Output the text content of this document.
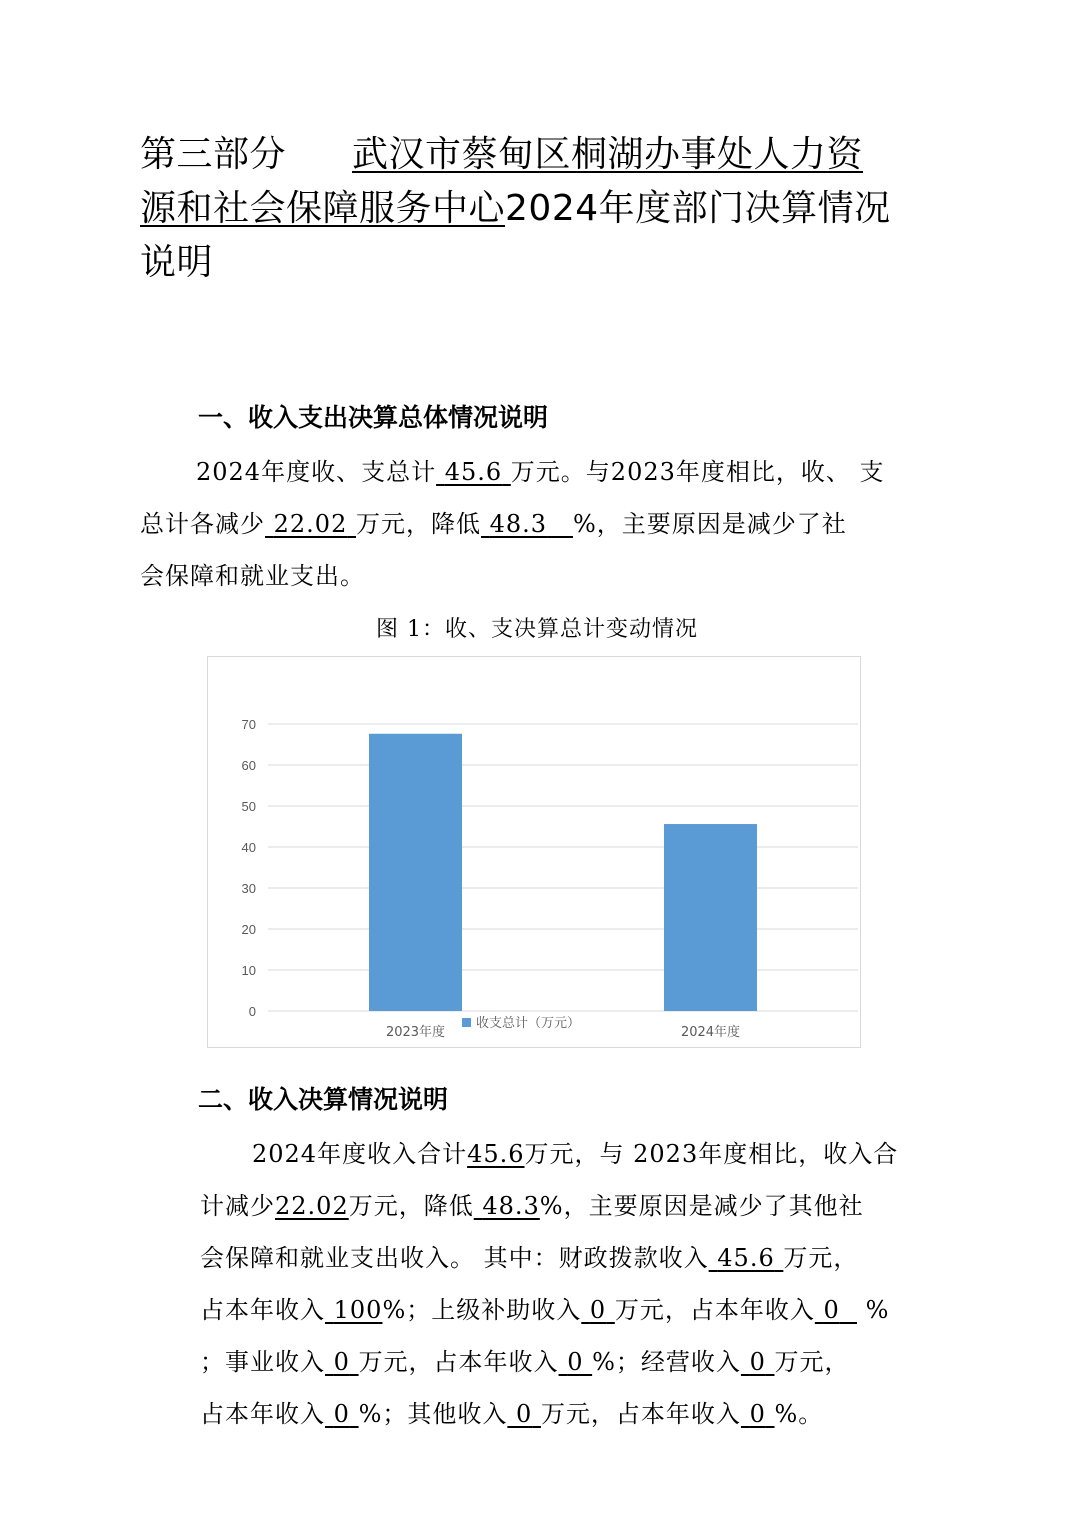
第三部分 武汉市蔡甸区桐湖办事处人力资
源和社会保障服务中心2024年度部门决算情况
说明
一、收入支出决算总体情况说明

2024年度收、支总计 45.6 万元。与2023年度相比，收、 支
总计各减少 22.02 万元，降低 48.3 %，主要原因是减少了社
会保障和就业支出。

图 1：收、支决算总计变动情况
0
10
20
30
40
50
60
70
2023年度	2024年度
收支总计（万元）
二、收入决算情况说明

2024年度收入合计45.6万元，与 2023年度相比，收入合
计减少22.02万元，降低 48.3%，主要原因是减少了其他社
会保障和就业支出收入。 其中：财政拨款收入 45.6 万元，
占本年收入 100%；上级补助收入 0 万元，占本年收入 0 %
；事业收入 0 万元，占本年收入 0 %；经营收入 0 万元，
占本年收入 0 %；其他收入 0 万元，占本年收入 0 %。
